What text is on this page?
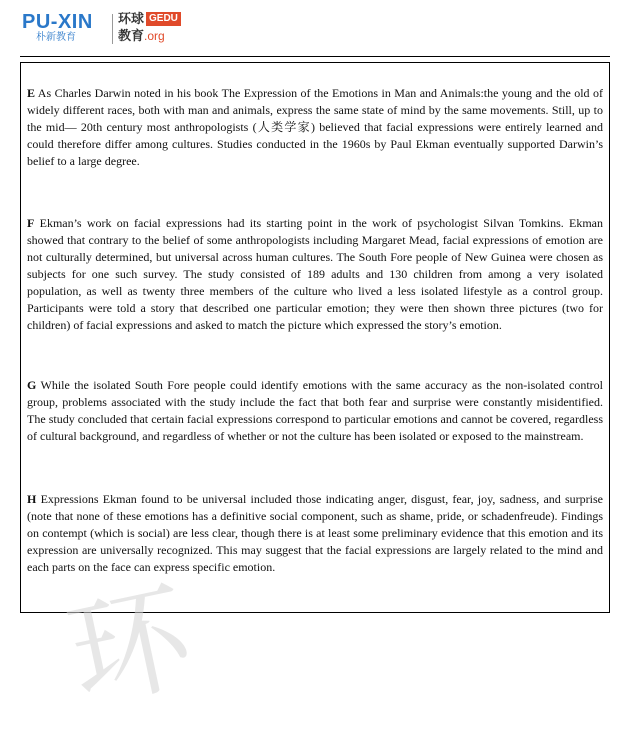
PU-XIN
朴新教育
环球 GEDU
教育.org

E As Charles Darwin noted in his book The Expression of the Emotions in Man and Animals:the young and the old of widely different races, both with man and animals, express the same state of mind by the same movements. Still, up to the mid— 20th century most anthropologists (人类学家) believed that facial expressions were entirely learned and could therefore differ among cultures. Studies conducted in the 1960s by Paul Ekman eventually supported Darwin’s belief to a large degree.

F Ekman’s work on facial expressions had its starting point in the work of psychologist Silvan Tomkins. Ekman showed that contrary to the belief of some anthropologists including Margaret Mead, facial expressions of emotion are not culturally determined, but universal across human cultures. The South Fore people of New Guinea were chosen as subjects for one such survey. The study consisted of 189 adults and 130 children from among a very isolated population, as well as twenty three members of the culture who lived a less isolated lifestyle as a control group. Participants were told a story that described one particular emotion; they were then shown three pictures (two for children) of facial expressions and asked to match the picture which expressed the story’s emotion.

G While the isolated South Fore people could identify emotions with the same accuracy as the non-isolated control group, problems associated with the study include the fact that both fear and surprise were constantly misidentified. The study concluded that certain facial expressions correspond to particular emotions and cannot be covered, regardless of cultural background, and regardless of whether or not the culture has been isolated or exposed to the mainstream.

H Expressions Ekman found to be universal included those indicating anger, disgust, fear, joy, sadness, and surprise (note that none of these emotions has a definitive social component, such as shame, pride, or schadenfreude). Findings on contempt (which is social) are less clear, though there is at least some preliminary evidence that this emotion and its expression are universally recognized. This may suggest that the facial expressions are largely related to the mind and each parts on the face can express specific emotion.

环
